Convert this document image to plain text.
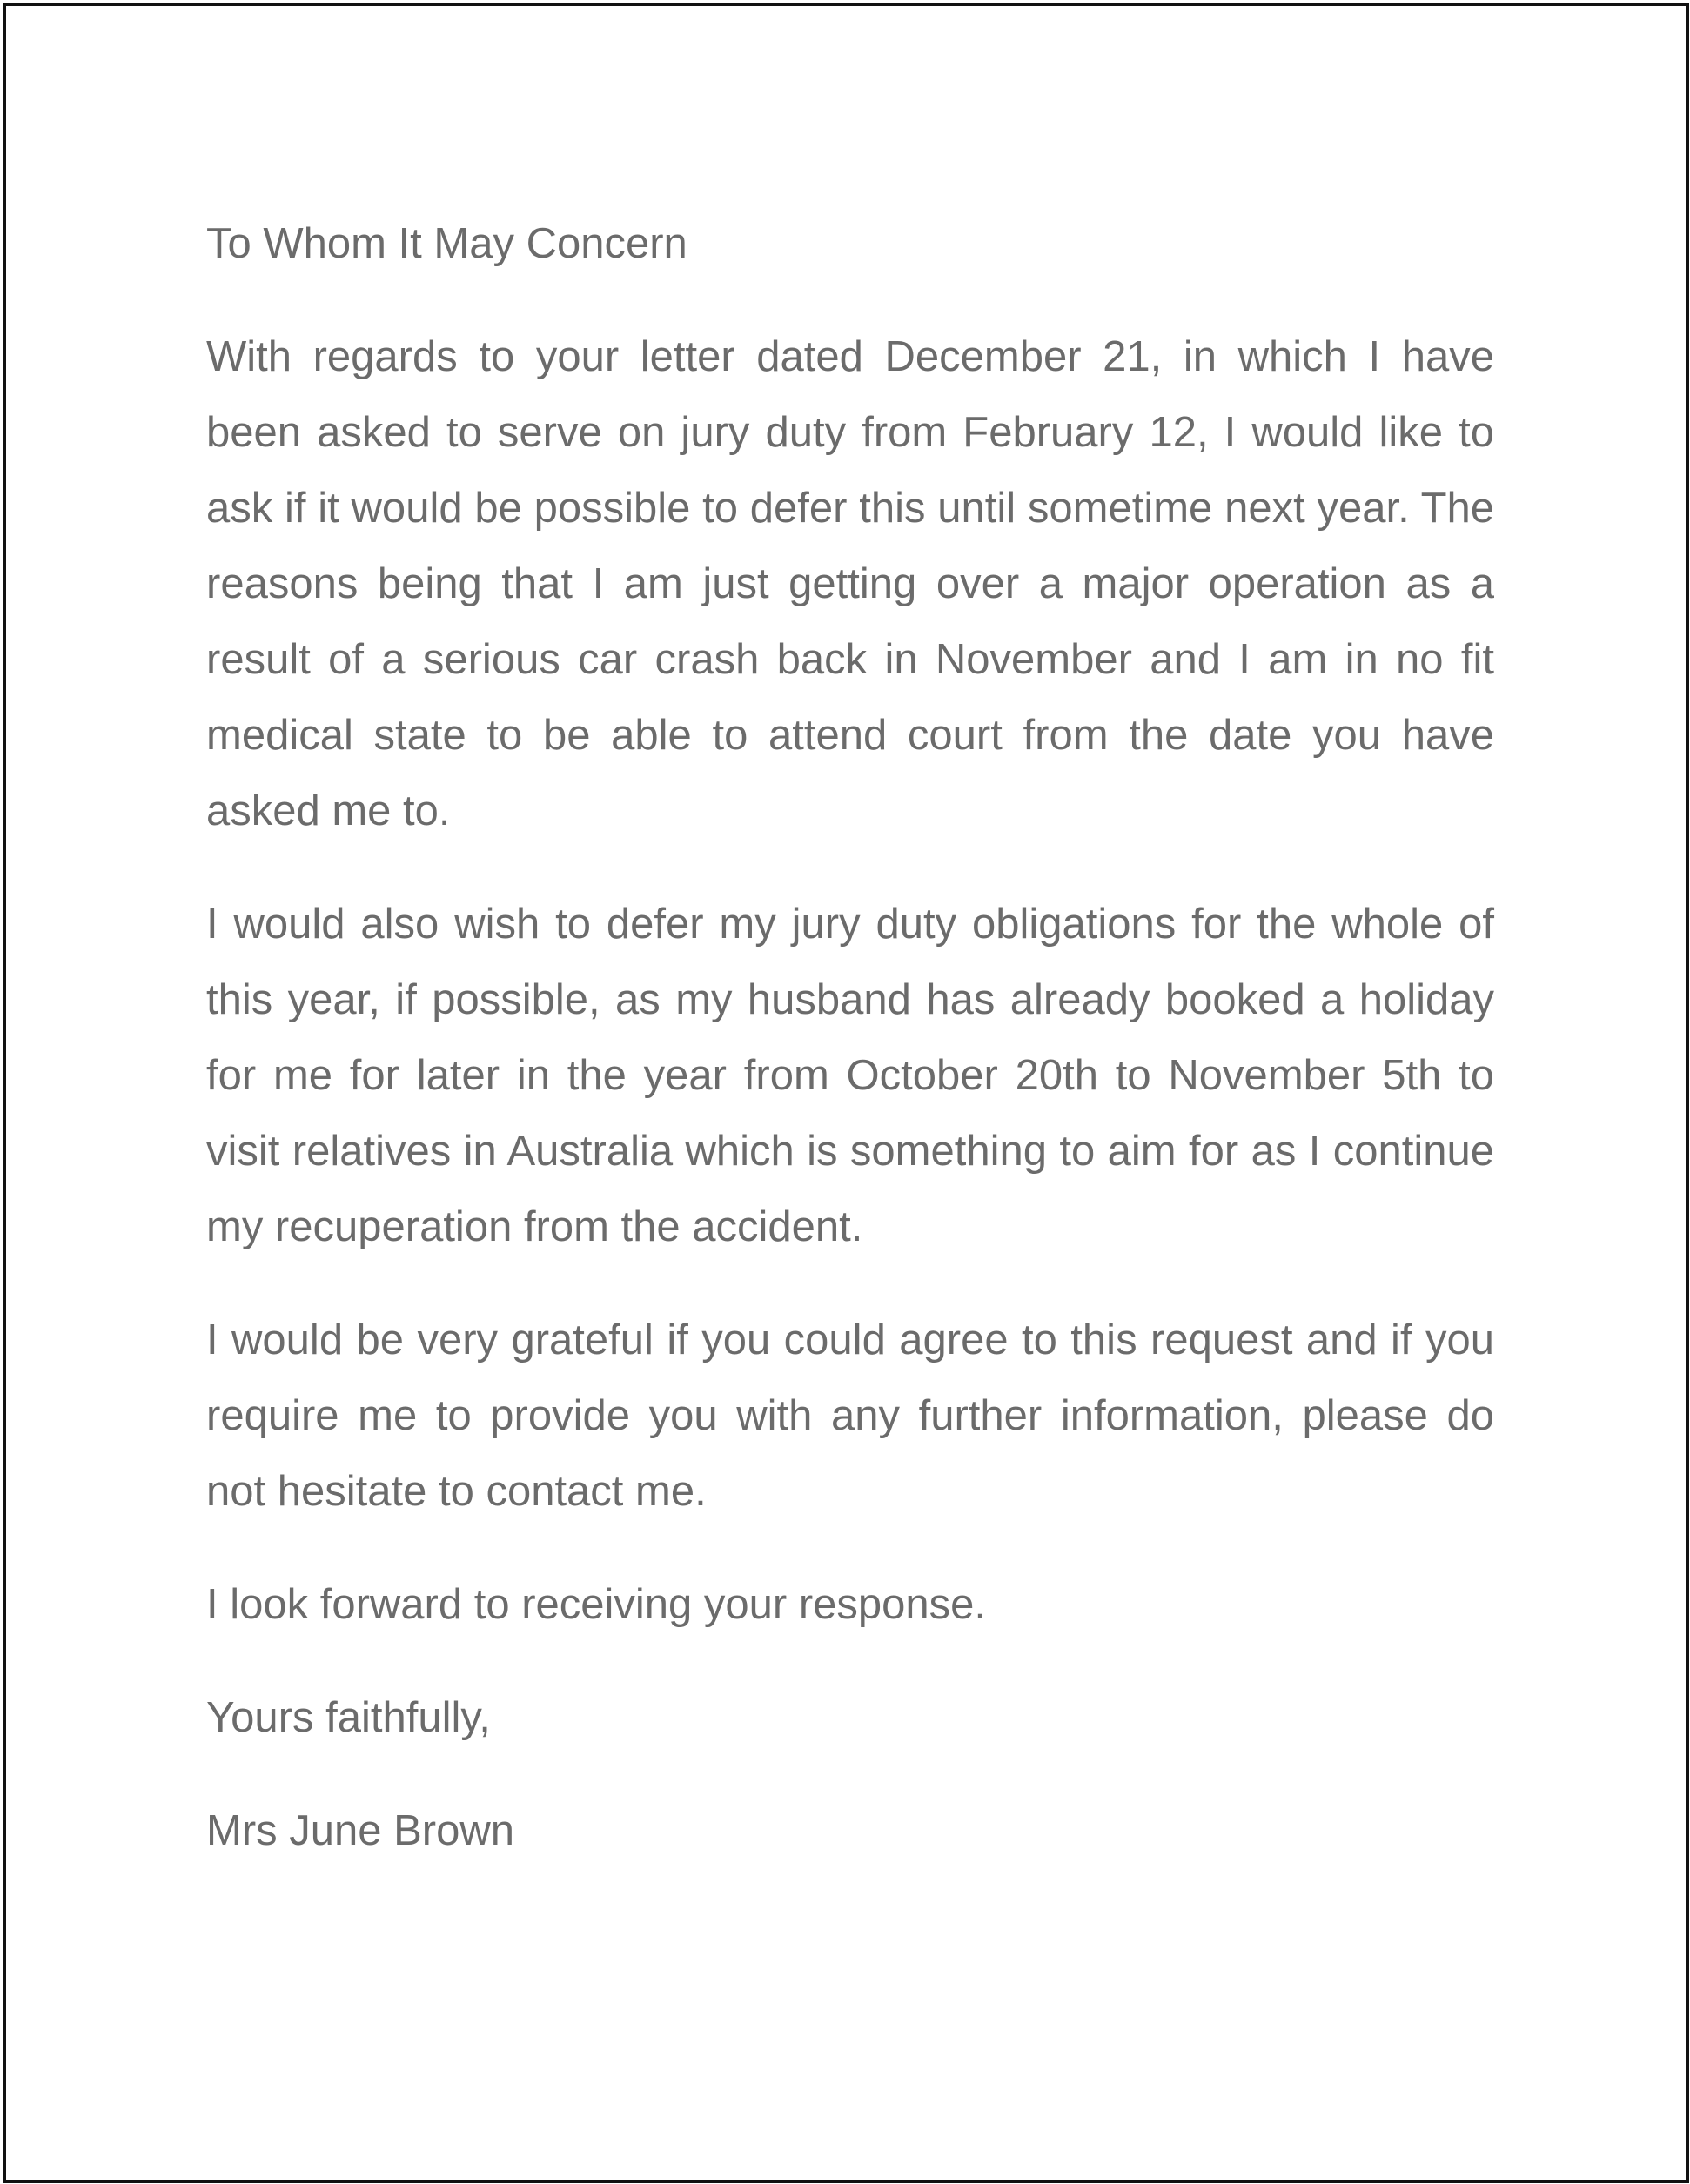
To Whom It May Concern

With regards to your letter dated December 21, in which I have been asked to serve on jury duty from February 12, I would like to ask if it would be possible to defer this until sometime next year. The reasons being that I am just getting over a major operation as a result of a serious car crash back in November and I am in no fit medical state to be able to attend court from the date you have asked me to.

I would also wish to defer my jury duty obligations for the whole of this year, if possible, as my husband has already booked a holiday for me for later in the year from October 20th to November 5th to visit relatives in Australia which is something to aim for as I continue my recuperation from the accident.

I would be very grateful if you could agree to this request and if you require me to provide you with any further information, please do not hesitate to contact me.

I look forward to receiving your response.

Yours faithfully,

Mrs June Brown
